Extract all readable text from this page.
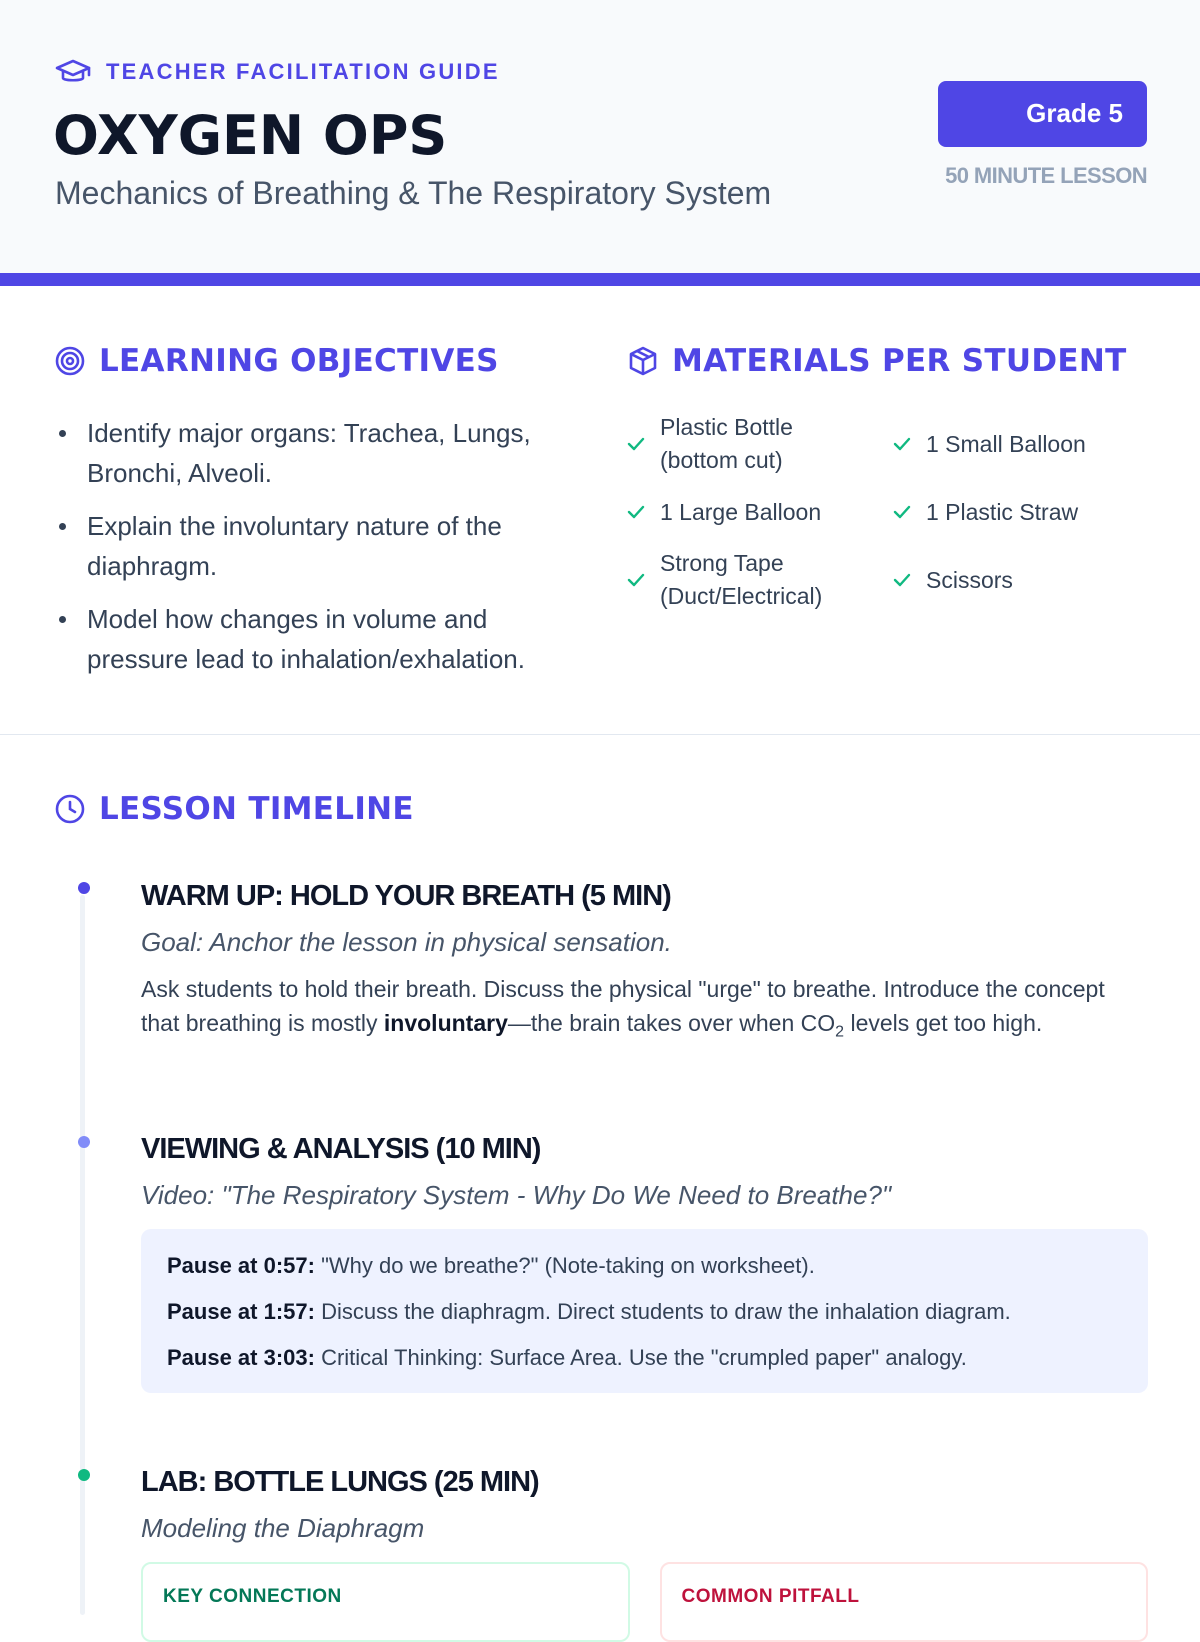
TEACHER FACILITATION GUIDE
OXYGEN OPS
Mechanics of Breathing & The Respiratory System
Grade 5
50 MINUTE LESSON
LEARNING OBJECTIVES
Identify major organs: Trachea, Lungs, Bronchi, Alveoli.
Explain the involuntary nature of the diaphragm.
Model how changes in volume and pressure lead to inhalation/exhalation.
MATERIALS PER STUDENT
Plastic Bottle (bottom cut)
1 Small Balloon
1 Large Balloon	1 Plastic Straw
Strong Tape (Duct/Electrical)
Scissors
LESSON TIMELINE
WARM UP: HOLD YOUR BREATH (5 MIN)
Goal: Anchor the lesson in physical sensation.
Ask students to hold their breath. Discuss the physical "urge" to breathe. Introduce the concept that breathing is mostly involuntary—the brain takes over when $CO_2$ levels get too high.
VIEWING & ANALYSIS (10 MIN)
Video: "The Respiratory System - Why Do We Need to Breathe?"
Pause at 0:57: "Why do we breathe?" (Note-taking on worksheet).
Pause at 1:57: Discuss the diaphragm. Direct students to draw the inhalation diagram.
Pause at 3:03: Critical Thinking: Surface Area. Use the "crumpled paper" analogy.
LAB: BOTTLE LUNGS (25 MIN)
Modeling the Diaphragm
KEY CONNECTION	COMMON PITFALL
